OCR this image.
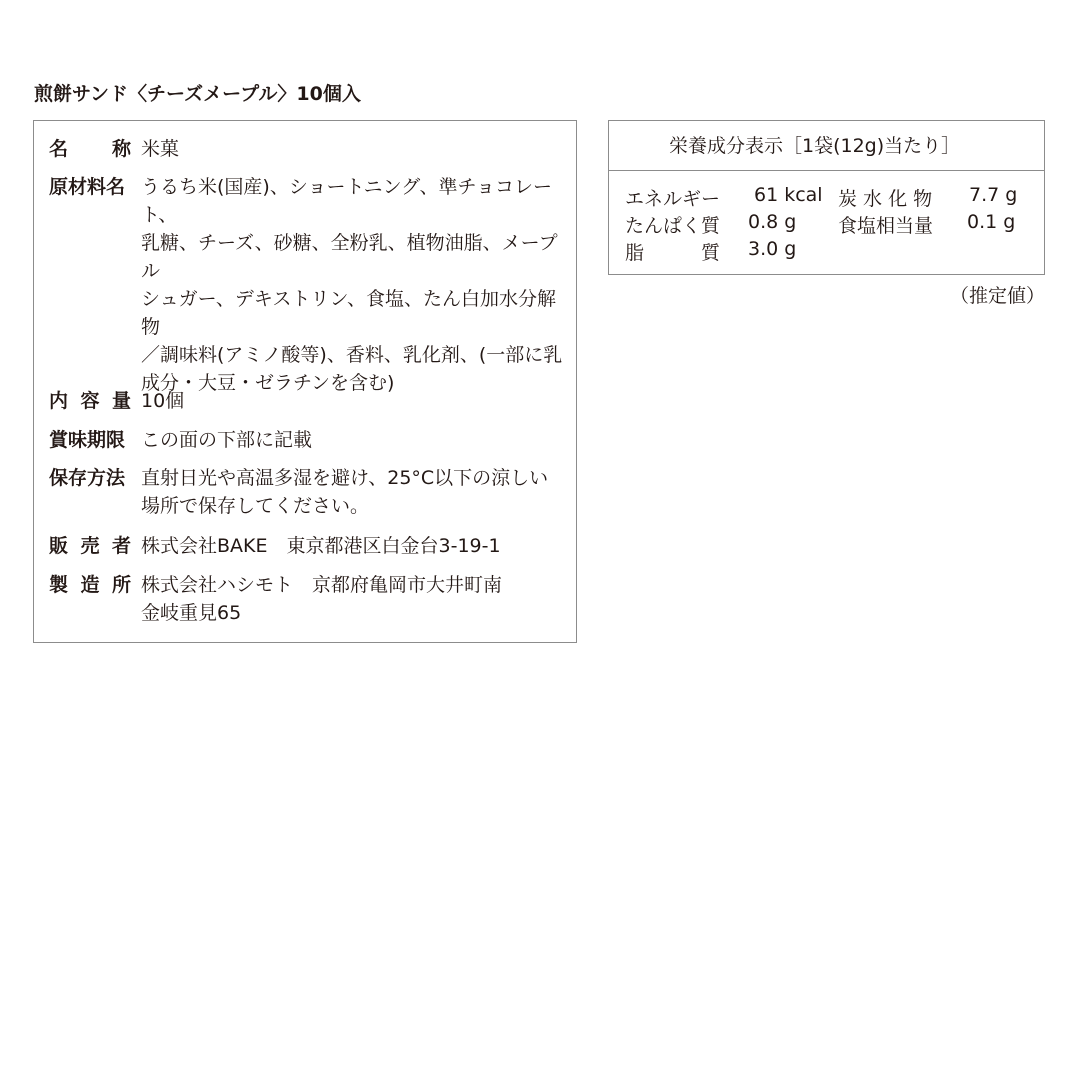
煎餅サンド〈チーズメープル〉10個入
名 称 米菓
原材料名 うるち米(国産)、ショートニング、準チョコレート、
乳糖、チーズ、砂糖、全粉乳、植物油脂、メープル
シュガー、デキストリン、食塩、たん白加水分解物
／調味料(アミノ酸等)、香料、乳化剤、(一部に乳
成分・大豆・ゼラチンを含む)
内 容 量 10個
賞味期限 この面の下部に記載
保存方法 直射日光や高温多湿を避け、25°C以下の涼しい
場所で保存してください。
販 売 者 株式会社BAKE　東京都港区白金台3-19-1
製 造 所 株式会社ハシモト　京都府亀岡市大井町南
金岐重見65
栄養成分表示［1袋(12g)当たり］
エネルギー 61 kcal 炭 水 化 物 7.7 g
たんぱく質 0.8 g 食塩相当量 0.1 g
脂　　　質 3.0 g
（推定値）
